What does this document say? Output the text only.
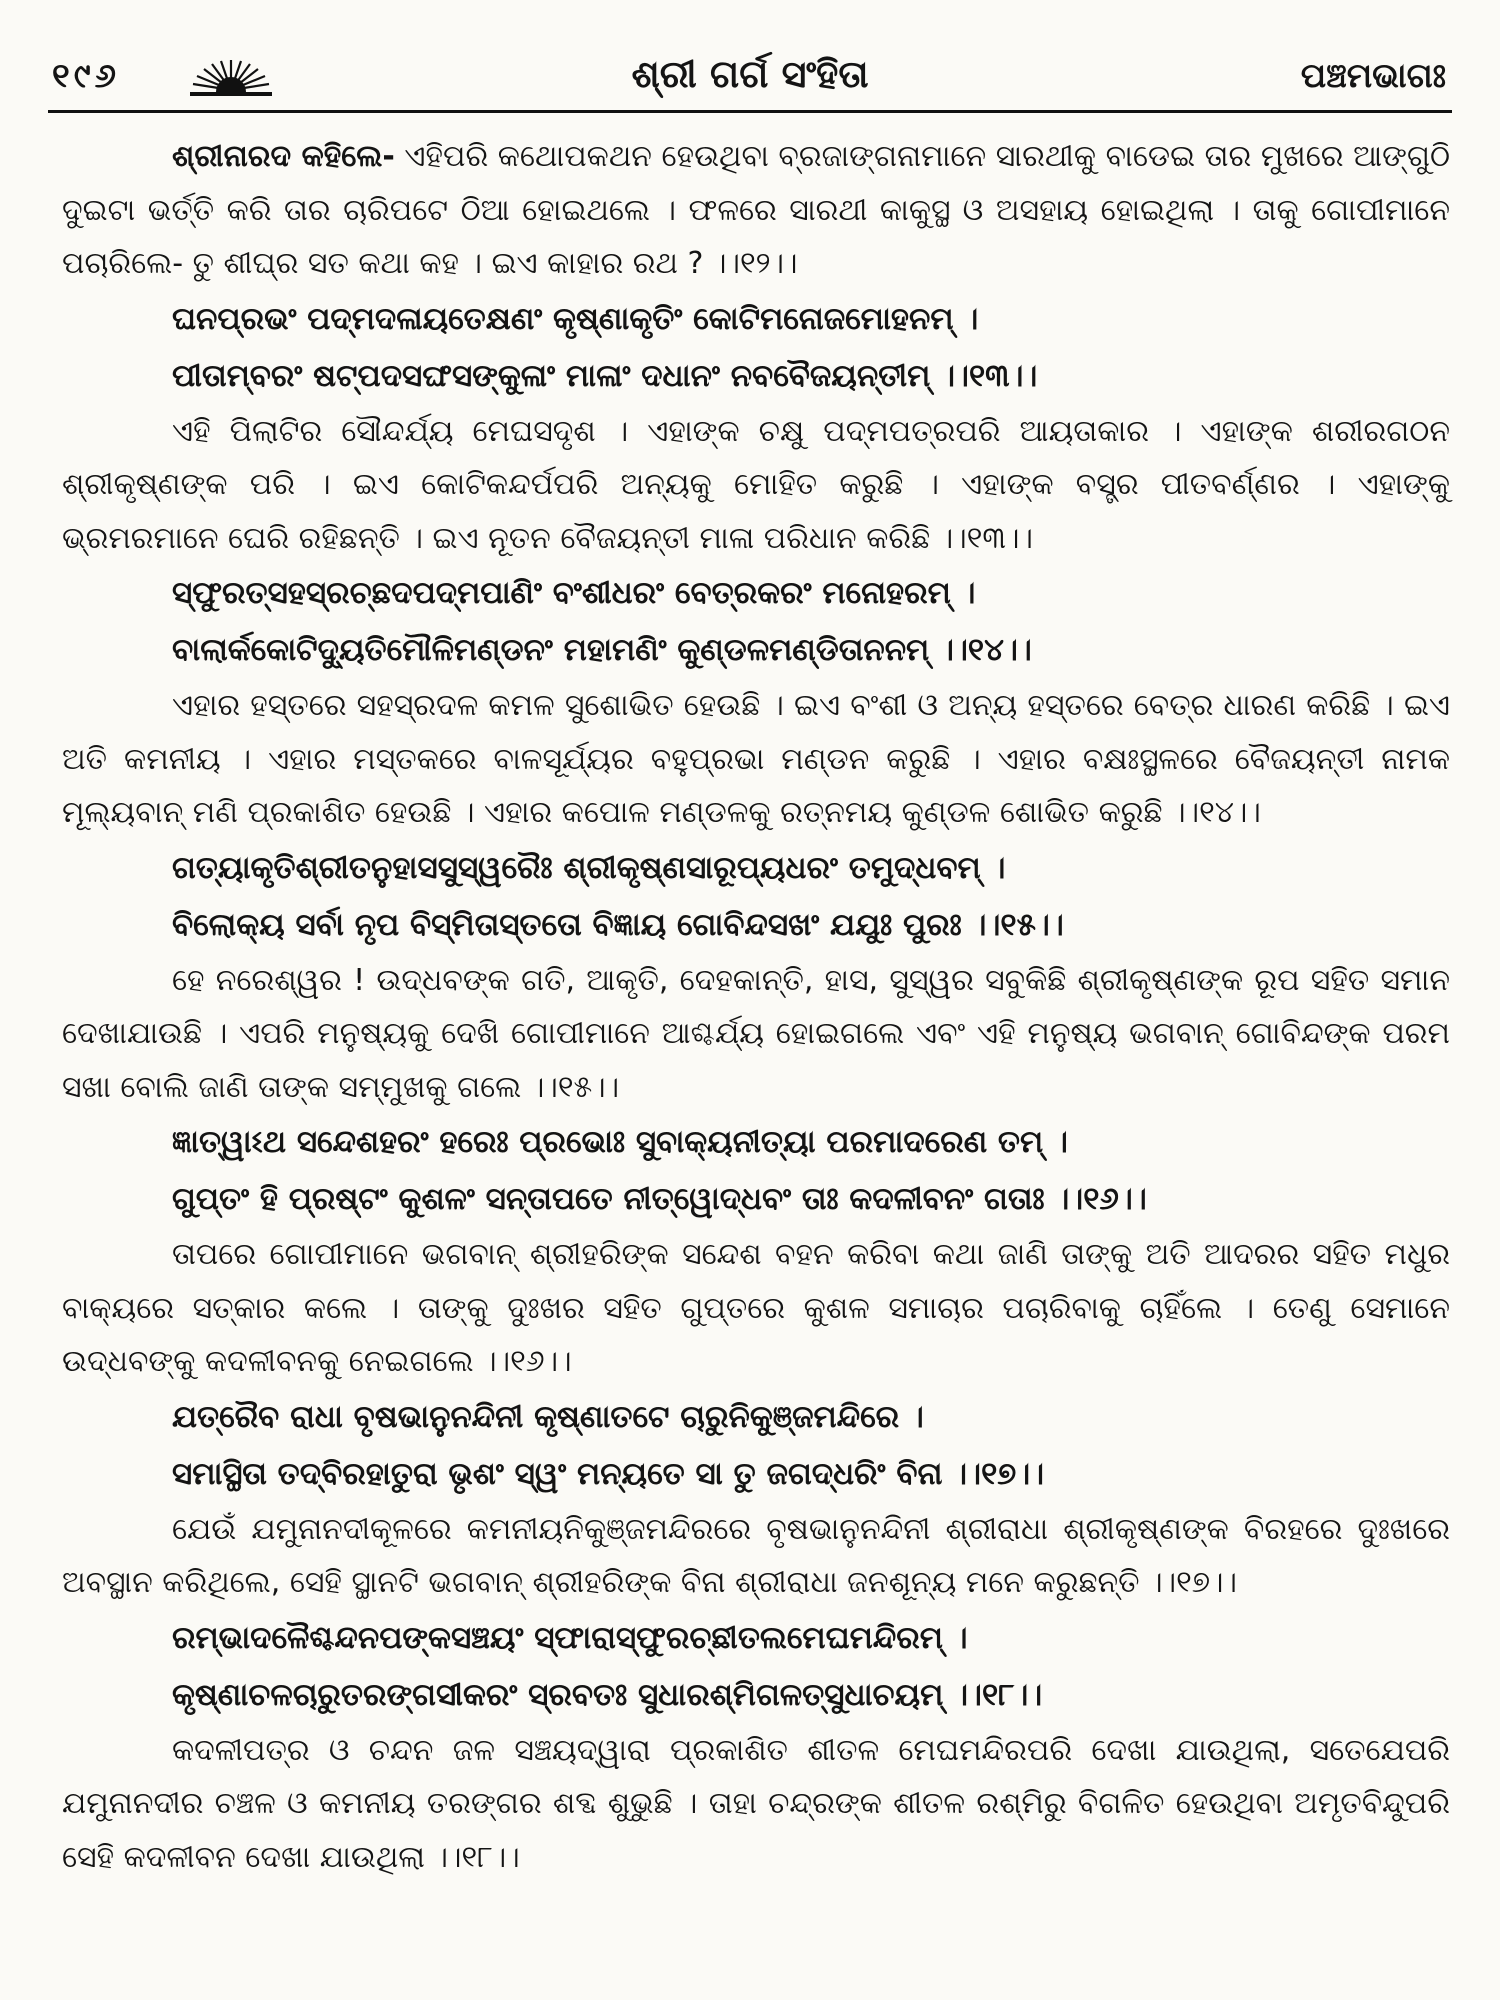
୧୯୬	ଶ୍ରୀ ଗର୍ଗ ସଂହିତା	ପଞ୍ଚମଭାଗଃ

ଶ୍ରୀନାରଦ କହିଲେ- ଏହିପରି କଥୋପକଥନ ହେଉଥିବା ବ୍ରଜାଙ୍ଗନାମାନେ ସାରଥୀକୁ ବାଡେଇ ତାର ମୁଖରେ ଆଙ୍ଗୁଠି ଦୁଇଟା ଭର୍ତ୍ତି କରି ତାର ଚାରିପଟେ ଠିଆ ହୋଇଥଲେ । ଫଳରେ ସାରଥୀ କାକୁସ୍ଥ ଓ ଅସହାୟ ହୋଇଥିଲା । ତାକୁ ଗୋପୀମାନେ ପଚାରିଲେ- ତୁ ଶୀଘ୍ର ସତ କଥା କହ । ଇଏ କାହାର ରଥ ? ।।୧୨।।

ଘନପ୍ରଭଂ ପଦ୍ମଦଳାୟତେକ୍ଷଣଂ କୃଷ୍ଣାକୃତିଂ କୋଟିମନୋଜମୋହନମ୍ ।
ପୀତାମ୍ବରଂ ଷଟ୍ପଦସଙ୍ଘସଙ୍କୁଳାଂ ମାଳାଂ ଦଧାନଂ ନବବୈଜୟନ୍ତୀମ୍ ।।୧୩।।

ଏହି ପିଲାଟିର ସୌନ୍ଦର୍ଯ୍ୟ ମେଘସଦୃଶ । ଏହାଙ୍କ ଚକ୍ଷୁ ପଦ୍ମପତ୍ରପରି ଆୟତାକାର । ଏହାଙ୍କ ଶରୀରଗଠନ ଶ୍ରୀକୃଷ୍ଣଙ୍କ ପରି । ଇଏ କୋଟିକନ୍ଦର୍ପପରି ଅନ୍ୟକୁ ମୋହିତ କରୁଛି । ଏହାଙ୍କ ବସ୍ତ୍ର ପୀତବର୍ଣ୍ଣର । ଏହାଙ୍କୁ ଭ୍ରମରମାନେ ଘେରି ରହିଛନ୍ତି । ଇଏ ନୂତନ ବୈଜୟନ୍ତୀ ମାଳା ପରିଧାନ କରିଛି ।।୧୩।।

ସ୍ଫୁରତ୍ସହସ୍ରଚ୍ଛଦପଦ୍ମପାଣିଂ ବଂଶୀଧରଂ ବେତ୍ରକରଂ ମନୋହରମ୍ ।
ବାଲାର୍କକୋଟିଦ୍ୟୁତିମୌଳିମଣ୍ଡନଂ ମହାମଣିଂ କୁଣ୍ଡଳମଣ୍ଡିତାନନମ୍ ।।୧୪।।

ଏହାର ହସ୍ତରେ ସହସ୍ରଦଳ କମଳ ସୁଶୋଭିତ ହେଉଛି । ଇଏ ବଂଶୀ ଓ ଅନ୍ୟ ହସ୍ତରେ ବେତ୍ର ଧାରଣ କରିଛି । ଇଏ ଅତି କମନୀୟ । ଏହାର ମସ୍ତକରେ ବାଳସୂର୍ଯ୍ୟର ବହୁପ୍ରଭା ମଣ୍ଡନ କରୁଛି । ଏହାର ବକ୍ଷଃସ୍ଥଳରେ ବୈଜୟନ୍ତୀ ନାମକ ମୂଲ୍ୟବାନ୍ ମଣି ପ୍ରକାଶିତ ହେଉଛି । ଏହାର କପୋଳ ମଣ୍ଡଳକୁ ରତ୍ନମୟ କୁଣ୍ଡଳ ଶୋଭିତ କରୁଛି ।।୧୪।।

ଗତ୍ୟାକୃତିଶ୍ରୀତନୁହାସସୁସ୍ୱରୈଃ ଶ୍ରୀକୃଷ୍ଣସାରୂପ୍ୟଧରଂ ତମୁଦ୍ଧବମ୍ ।
ବିଲୋକ୍ୟ ସର୍ବା ନୃପ ବିସ୍ମିତାସ୍ତତୋ ବିଜ୍ଞାୟ ଗୋବିନ୍ଦସଖଂ ଯଯୁଃ ପୁରଃ ।।୧୫।।

ହେ ନରେଶ୍ୱର ! ଉଦ୍ଧବଙ୍କ ଗତି, ଆକୃତି, ଦେହକାନ୍ତି, ହାସ, ସୁସ୍ୱର ସବୁକିଛି ଶ୍ରୀକୃଷ୍ଣଙ୍କ ରୂପ ସହିତ ସମାନ ଦେଖାଯାଉଛି । ଏପରି ମନୁଷ୍ୟକୁ ଦେଖି ଗୋପୀମାନେ ଆଶ୍ଚର୍ଯ୍ୟ ହୋଇଗଲେ ଏବଂ ଏହି ମନୁଷ୍ୟ ଭଗବାନ୍ ଗୋବିନ୍ଦଙ୍କ ପରମ ସଖା ବୋଲି ଜାଣି ତାଙ୍କ ସମ୍ମୁଖକୁ ଗଲେ ।।୧୫।।

ଜ୍ଞାତ୍ୱାଽଥ ସନ୍ଦେଶହରଂ ହରେଃ ପ୍ରଭୋଃ ସୁବାକ୍ୟନୀତ୍ୟା ପରମାଦରେଣ ତମ୍ ।
ଗୁପ୍ତଂ ହି ପ୍ରଷ୍ଟଂ କୁଶଳଂ ସନ୍ତାପତେ ନୀତ୍ୱୋଦ୍ଧବଂ ତାଃ କଦଳୀବନଂ ଗତାଃ ।।୧୬।।

ତାପରେ ଗୋପୀମାନେ ଭଗବାନ୍ ଶ୍ରୀହରିଙ୍କ ସନ୍ଦେଶ ବହନ କରିବା କଥା ଜାଣି ତାଙ୍କୁ ଅତି ଆଦରର ସହିତ ମଧୁର ବାକ୍ୟରେ ସତ୍କାର କଲେ । ତାଙ୍କୁ ଦୁଃଖର ସହିତ ଗୁପ୍ତରେ କୁଶଳ ସମାଚାର ପଚାରିବାକୁ ଚାହିଁଲେ । ତେଣୁ ସେମାନେ ଉଦ୍ଧବଙ୍କୁ କଦଳୀବନକୁ ନେଇଗଲେ ।।୧୬।।

ଯତ୍ରୈବ ରାଧା ବୃଷଭାନୁନନ୍ଦିନୀ କୃଷ୍ଣାତଟେ ଚାରୁନିକୁଞ୍ଜମନ୍ଦିରେ ।
ସମାସ୍ଥିତା ତଦ୍‌ବିରହାତୁରା ଭୃଶଂ ସ୍ୱଂ ମନ୍ୟତେ ସା ତୁ ଜଗଦ୍ଧରିଂ ବିନା ।।୧୭।।

ଯେଉଁ ଯମୁନାନଦୀକୂଳରେ କମନୀୟନିକୁଞ୍ଜମନ୍ଦିରରେ ବୃଷଭାନୁନନ୍ଦିନୀ ଶ୍ରୀରାଧା ଶ୍ରୀକୃଷ୍ଣଙ୍କ ବିରହରେ ଦୁଃଖରେ ଅବସ୍ଥାନ କରିଥିଲେ, ସେହି ସ୍ଥାନଟି ଭଗବାନ୍ ଶ୍ରୀହରିଙ୍କ ବିନା ଶ୍ରୀରାଧା ଜନଶୂନ୍ୟ ମନେ କରୁଛନ୍ତି ।।୧୭।।

ରମ୍ଭାଦଳୈଶ୍ଚନ୍ଦନପଙ୍କସଞ୍ଚୟଂ ସ୍ଫାରାସ୍ଫୁରଚ୍ଛୀତଲମେଘମନ୍ଦିରମ୍ ।
କୃଷ୍ଣାଚଳଚାରୁତରଙ୍ଗସୀକରଂ ସ୍ରବତଃ ସୁଧାରଶ୍ମିଗଳତ୍‌ସୁଧାଚୟମ୍ ।।୧୮।।

କଦଳୀପତ୍ର ଓ ଚନ୍ଦନ ଜଳ ସଞ୍ଚୟଦ୍ୱାରା ପ୍ରକାଶିତ ଶୀତଳ ମେଘମନ୍ଦିରପରି ଦେଖା ଯାଉଥିଲା, ସତେଯେପରି ଯମୁନାନଦୀର ଚଞ୍ଚଳ ଓ କମନୀୟ ତରଙ୍ଗର ଶବ୍ଦ ଶୁଭୁଛି । ତାହା ଚନ୍ଦ୍ରଙ୍କ ଶୀତଳ ରଶ୍ମିରୁ ବିଗଳିତ ହେଉଥିବା ଅମୃତବିନ୍ଦୁପରି ସେହି କଦଳୀବନ ଦେଖା ଯାଉଥିଲା ।।୧୮।।
